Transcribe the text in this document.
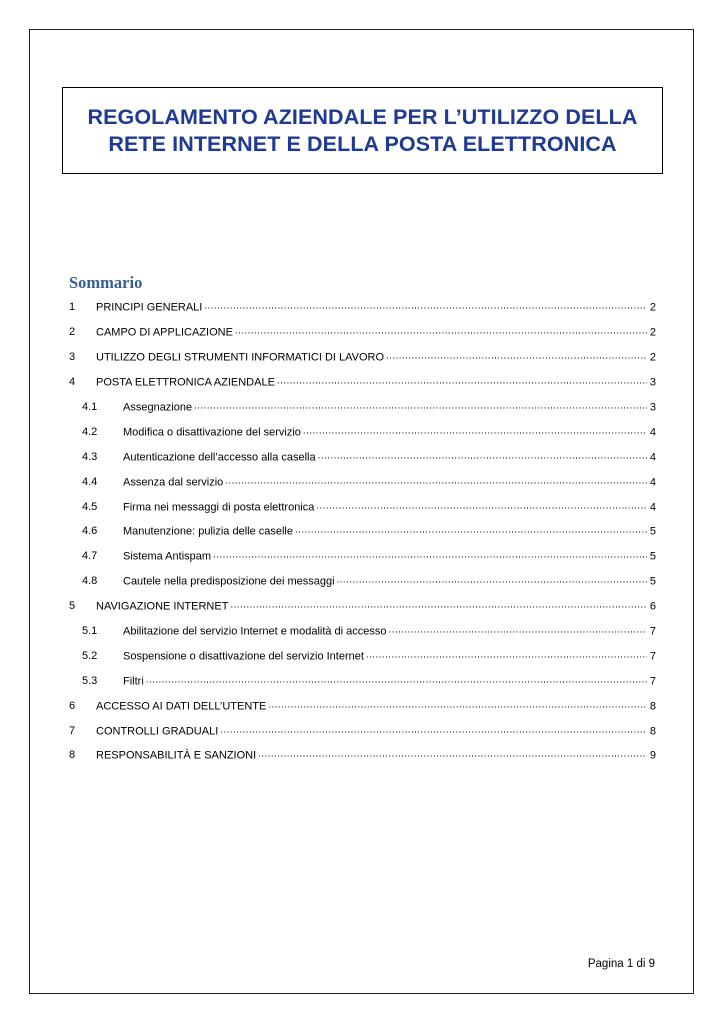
REGOLAMENTO AZIENDALE PER L’UTILIZZO DELLA RETE INTERNET E DELLA POSTA ELETTRONICA
Sommario
1 PRINCIPI GENERALI .....	2
2 CAMPO DI APPLICAZIONE .....	2
3 UTILIZZO DEGLI STRUMENTI INFORMATICI DI LAVORO .....	2
4 POSTA ELETTRONICA AZIENDALE .....	3
4.1 Assegnazione .....	3
4.2 Modifica o disattivazione del servizio .....	4
4.3 Autenticazione dell’accesso alla casella .....	4
4.4 Assenza dal servizio .....	4
4.5 Firma nei messaggi di posta elettronica .....	4
4.6 Manutenzione: pulizia delle caselle .....	5
4.7 Sistema Antispam .....	5
4.8 Cautele nella predisposizione dei messaggi .....	5
5 NAVIGAZIONE INTERNET .....	6
5.1 Abilitazione del servizio Internet e modalità di accesso .....	7
5.2 Sospensione o disattivazione del servizio Internet .....	7
5.3 Filtri .....	7
6 ACCESSO AI DATI DELL’UTENTE .....	8
7 CONTROLLI GRADUALI .....	8
8 RESPONSABILITÀ E SANZIONI .....	9
Pagina 1 di 9
